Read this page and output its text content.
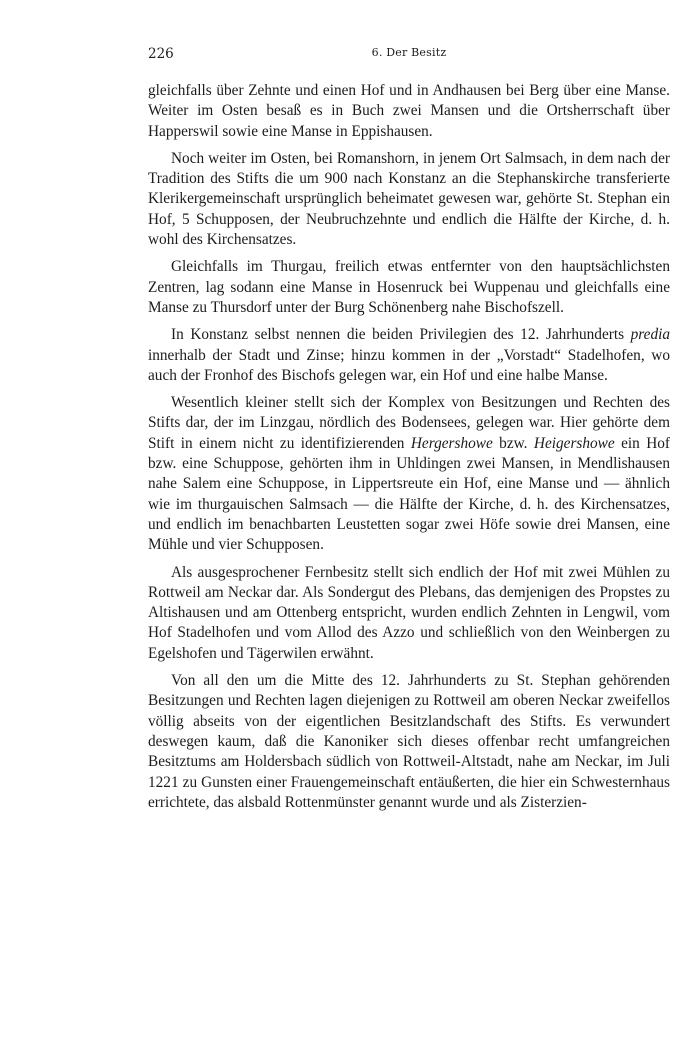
226	6. Der Besitz

gleichfalls über Zehnte und einen Hof und in Andhausen bei Berg über eine Manse. Weiter im Osten besaß es in Buch zwei Mansen und die Ortsherrschaft über Happerswil sowie eine Manse in Eppishausen.

Noch weiter im Osten, bei Romanshorn, in jenem Ort Salmsach, in dem nach der Tradition des Stifts die um 900 nach Konstanz an die Stephanskirche transferierte Klerikergemeinschaft ursprünglich beheimatet gewesen war, gehörte St. Stephan ein Hof, 5 Schupposen, der Neubruchzehnte und endlich die Hälfte der Kirche, d. h. wohl des Kirchensatzes.

Gleichfalls im Thurgau, freilich etwas entfernter von den hauptsächlichsten Zentren, lag sodann eine Manse in Hosenruck bei Wuppenau und gleichfalls eine Manse zu Thursdorf unter der Burg Schönenberg nahe Bischofszell.

In Konstanz selbst nennen die beiden Privilegien des 12. Jahrhunderts predia innerhalb der Stadt und Zinse; hinzu kommen in der „Vorstadt“ Stadelhofen, wo auch der Fronhof des Bischofs gelegen war, ein Hof und eine halbe Manse.

Wesentlich kleiner stellt sich der Komplex von Besitzungen und Rechten des Stifts dar, der im Linzgau, nördlich des Bodensees, gelegen war. Hier gehörte dem Stift in einem nicht zu identifizierenden Hergershowe bzw. Heigershowe ein Hof bzw. eine Schuppose, gehörten ihm in Uhldingen zwei Mansen, in Mendlishausen nahe Salem eine Schuppose, in Lippertsreute ein Hof, eine Manse und — ähnlich wie im thurgauischen Salmsach — die Hälfte der Kirche, d. h. des Kirchensatzes, und endlich im benachbarten Leustetten sogar zwei Höfe sowie drei Mansen, eine Mühle und vier Schupposen.

Als ausgesprochener Fernbesitz stellt sich endlich der Hof mit zwei Mühlen zu Rottweil am Neckar dar. Als Sondergut des Plebans, das demjenigen des Propstes zu Altishausen und am Ottenberg entspricht, wurden endlich Zehnten in Lengwil, vom Hof Stadelhofen und vom Allod des Azzo und schließlich von den Weinbergen zu Egelshofen und Tägerwilen erwähnt.

Von all den um die Mitte des 12. Jahrhunderts zu St. Stephan gehörenden Besitzungen und Rechten lagen diejenigen zu Rottweil am oberen Neckar zweifellos völlig abseits von der eigentlichen Besitzlandschaft des Stifts. Es verwundert deswegen kaum, daß die Kanoniker sich dieses offenbar recht umfangreichen Besitztums am Holdersbach südlich von Rottweil-Altstadt, nahe am Neckar, im Juli 1221 zu Gunsten einer Frauengemeinschaft entäußerten, die hier ein Schwesternhaus errichtete, das alsbald Rottenmünster genannt wurde und als Zisterzien-
